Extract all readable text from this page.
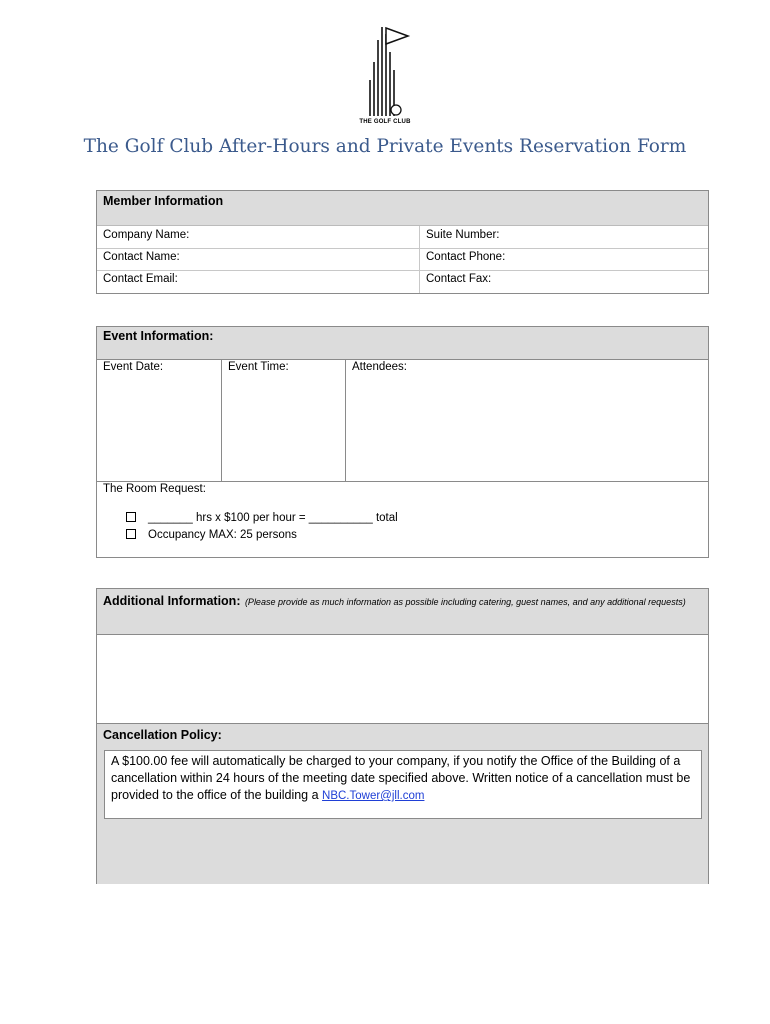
THE GOLF CLUB
The Golf Club After-Hours and Private Events Reservation Form
Member Information
Company Name:	Suite Number:
Contact Name:	Contact Phone:
Contact Email:	Contact Fax:
Event Information:
Event Date:	Event Time:	Attendees:
The Room Request:
_______ hrs x $100 per hour = __________ total
Occupancy MAX: 25 persons
Additional Information: (Please provide as much information as possible including catering, guest names, and any additional requests)
Cancellation Policy:
A $100.00 fee will automatically be charged to your company, if you notify the Office of the Building of a cancellation within 24 hours of the meeting date specified above. Written notice of a cancellation must be provided to the office of the building a NBC.Tower@jll.com
